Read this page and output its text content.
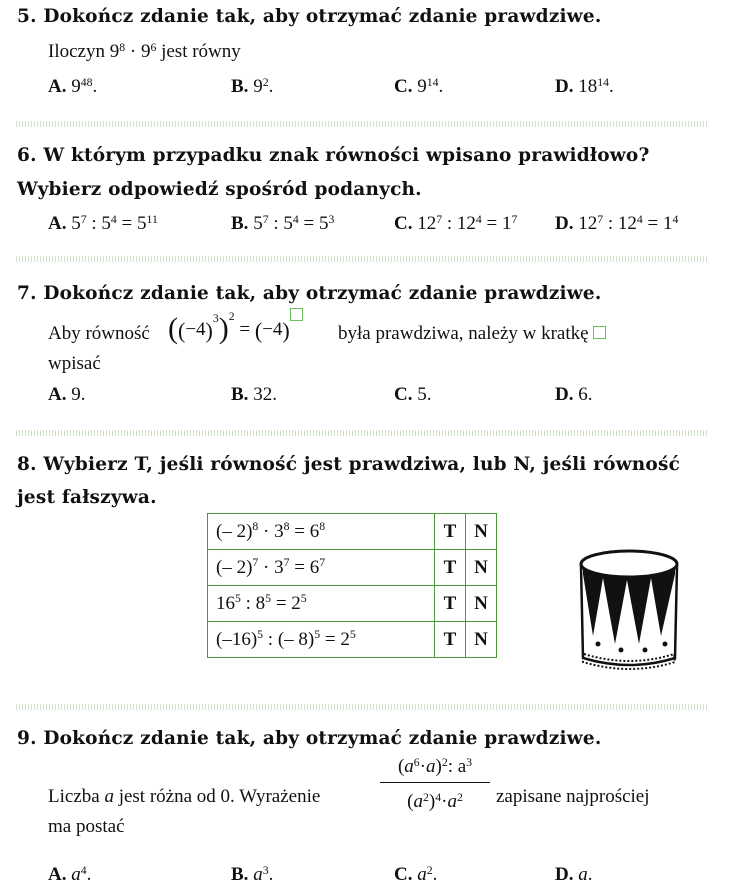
5. Dokończ zdanie tak, aby otrzymać zdanie prawdziwe.
Iloczyn $9^8 \cdot 9^6$ jest równy
A. $9^{48}$.	B. $9^2$.	C. $9^{14}$.	D. $18^{14}$.
6. W którym przypadku znak równości wpisano prawidłowo?
Wybierz odpowiedź spośród podanych.
A. $5^7$ : $5^4 = 5^{11}$	B. $5^7$ : $5^4 = 5^3$	C. $12^7$ : $12^4 = 1^7$ D. $12^7$ : $12^4 = 1^4$
7. Dokończ zdanie tak, aby otrzymać zdanie prawdziwe.
Aby równość $((-4)^3)^2 = (-4)$	była prawdziwa, należy w kratkę
wpisać
A. 9.	B. 32.	C. 5.	D. 6.
8. Wybierz T, jeśli równość jest prawdziwa, lub N, jeśli równość
jest fałszywa.
(– $2)^8 \cdot 3^8 = 6^8$	T	N
(– $2)^7 \cdot 3^7 = 6^7$	T	N
$16^5$ : $8^5 = 2^5$	T	N
$(-16)^5$ : (– $8)^5 = 2^5$	T	N
9. Dokończ zdanie tak, aby otrzymać zdanie prawdziwe.
Liczba a jest różna od 0. Wyrażenie	$\frac{(a^6\cdot a)^2: a^3}{(a^2)^4\cdot a^2}$ zapisane najprościej
ma postać
A. $a^4$.	B. $a^3$.	C. $a^2$.	D. a.
